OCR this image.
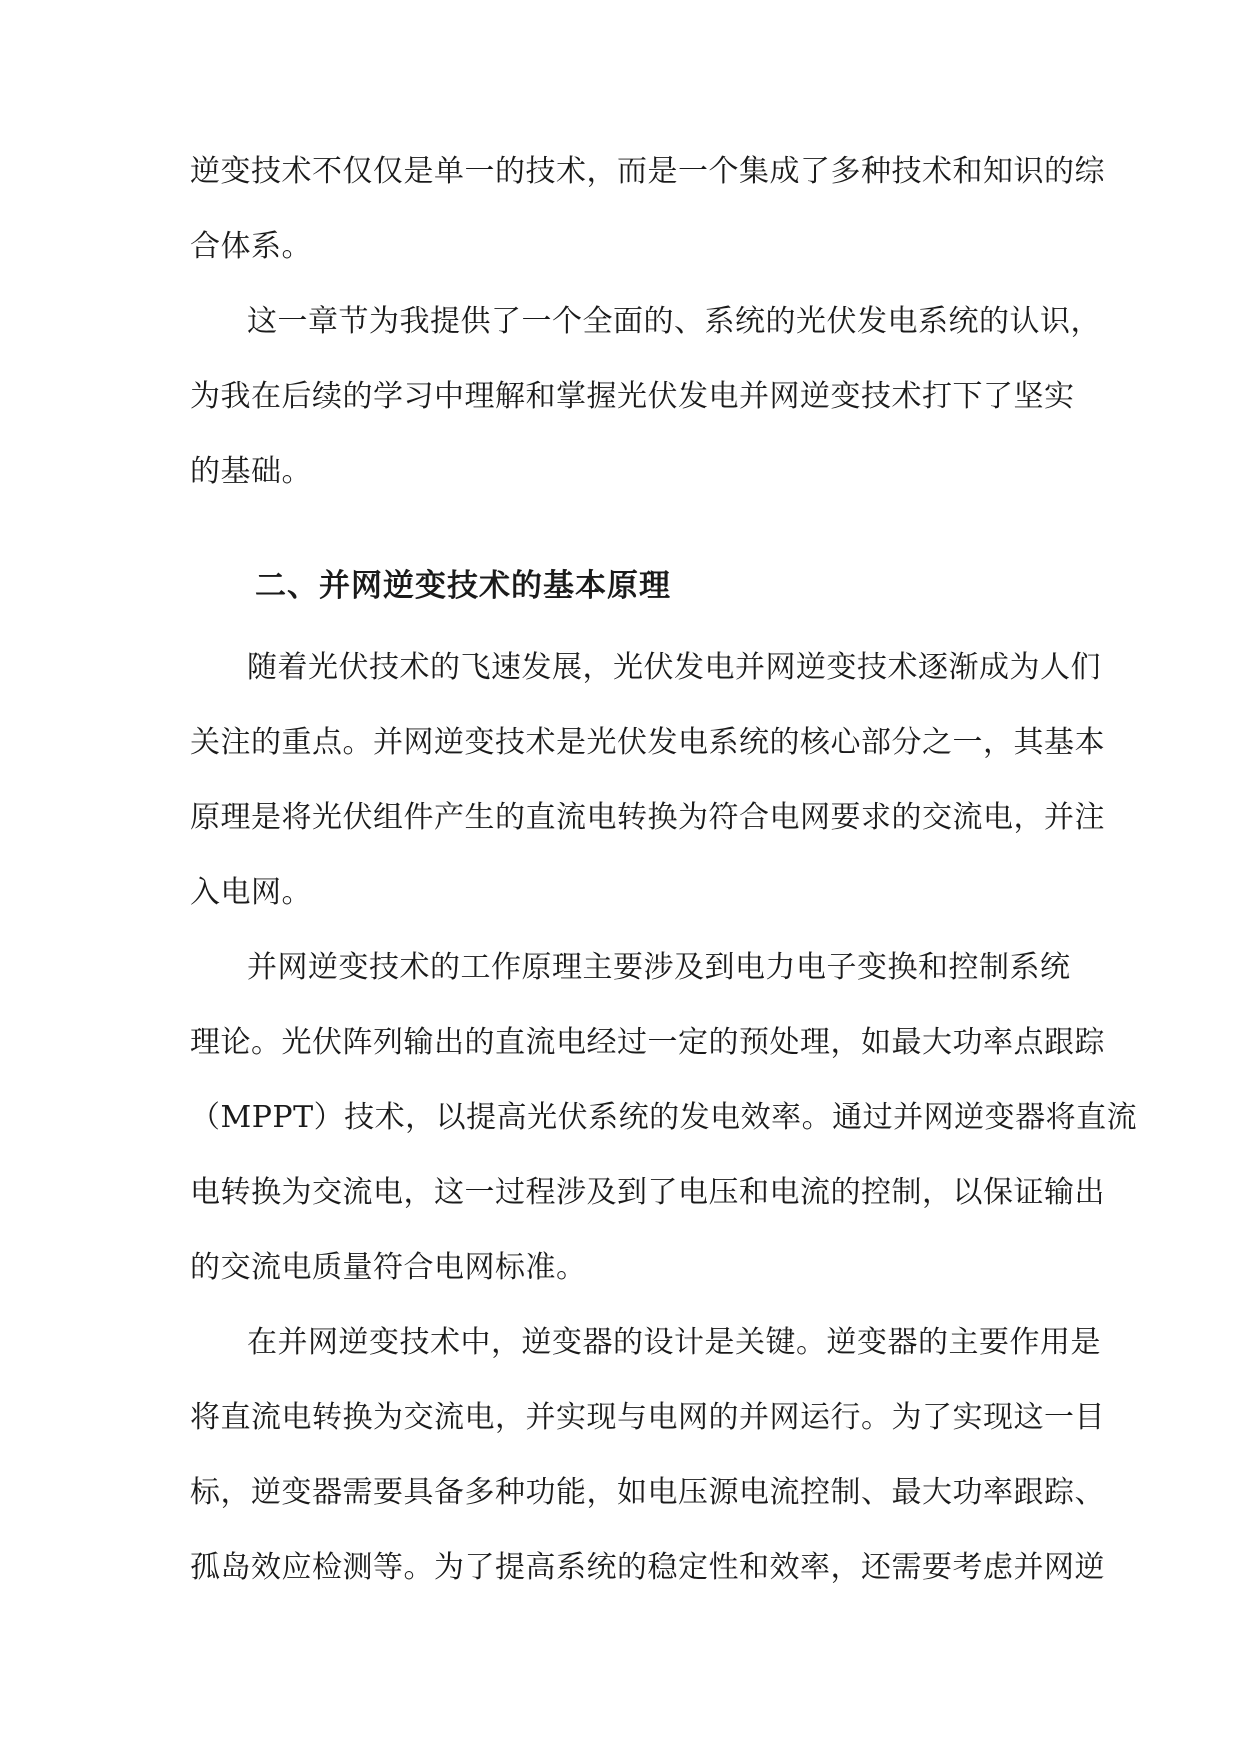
逆变技术不仅仅是单一的技术，而是一个集成了多种技术和知识的综

合体系。

这一章节为我提供了一个全面的、系统的光伏发电系统的认识，

为我在后续的学习中理解和掌握光伏发电并网逆变技术打下了坚实

的基础。

二、并网逆变技术的基本原理

随着光伏技术的飞速发展，光伏发电并网逆变技术逐渐成为人们

关注的重点。并网逆变技术是光伏发电系统的核心部分之一，其基本

原理是将光伏组件产生的直流电转换为符合电网要求的交流电，并注

入电网。

并网逆变技术的工作原理主要涉及到电力电子变换和控制系统

理论。光伏阵列输出的直流电经过一定的预处理，如最大功率点跟踪

（MPPT）技术，以提高光伏系统的发电效率。通过并网逆变器将直流

电转换为交流电，这一过程涉及到了电压和电流的控制，以保证输出

的交流电质量符合电网标准。

在并网逆变技术中，逆变器的设计是关键。逆变器的主要作用是

将直流电转换为交流电，并实现与电网的并网运行。为了实现这一目

标，逆变器需要具备多种功能，如电压源电流控制、最大功率跟踪、

孤岛效应检测等。为了提高系统的稳定性和效率，还需要考虑并网逆
